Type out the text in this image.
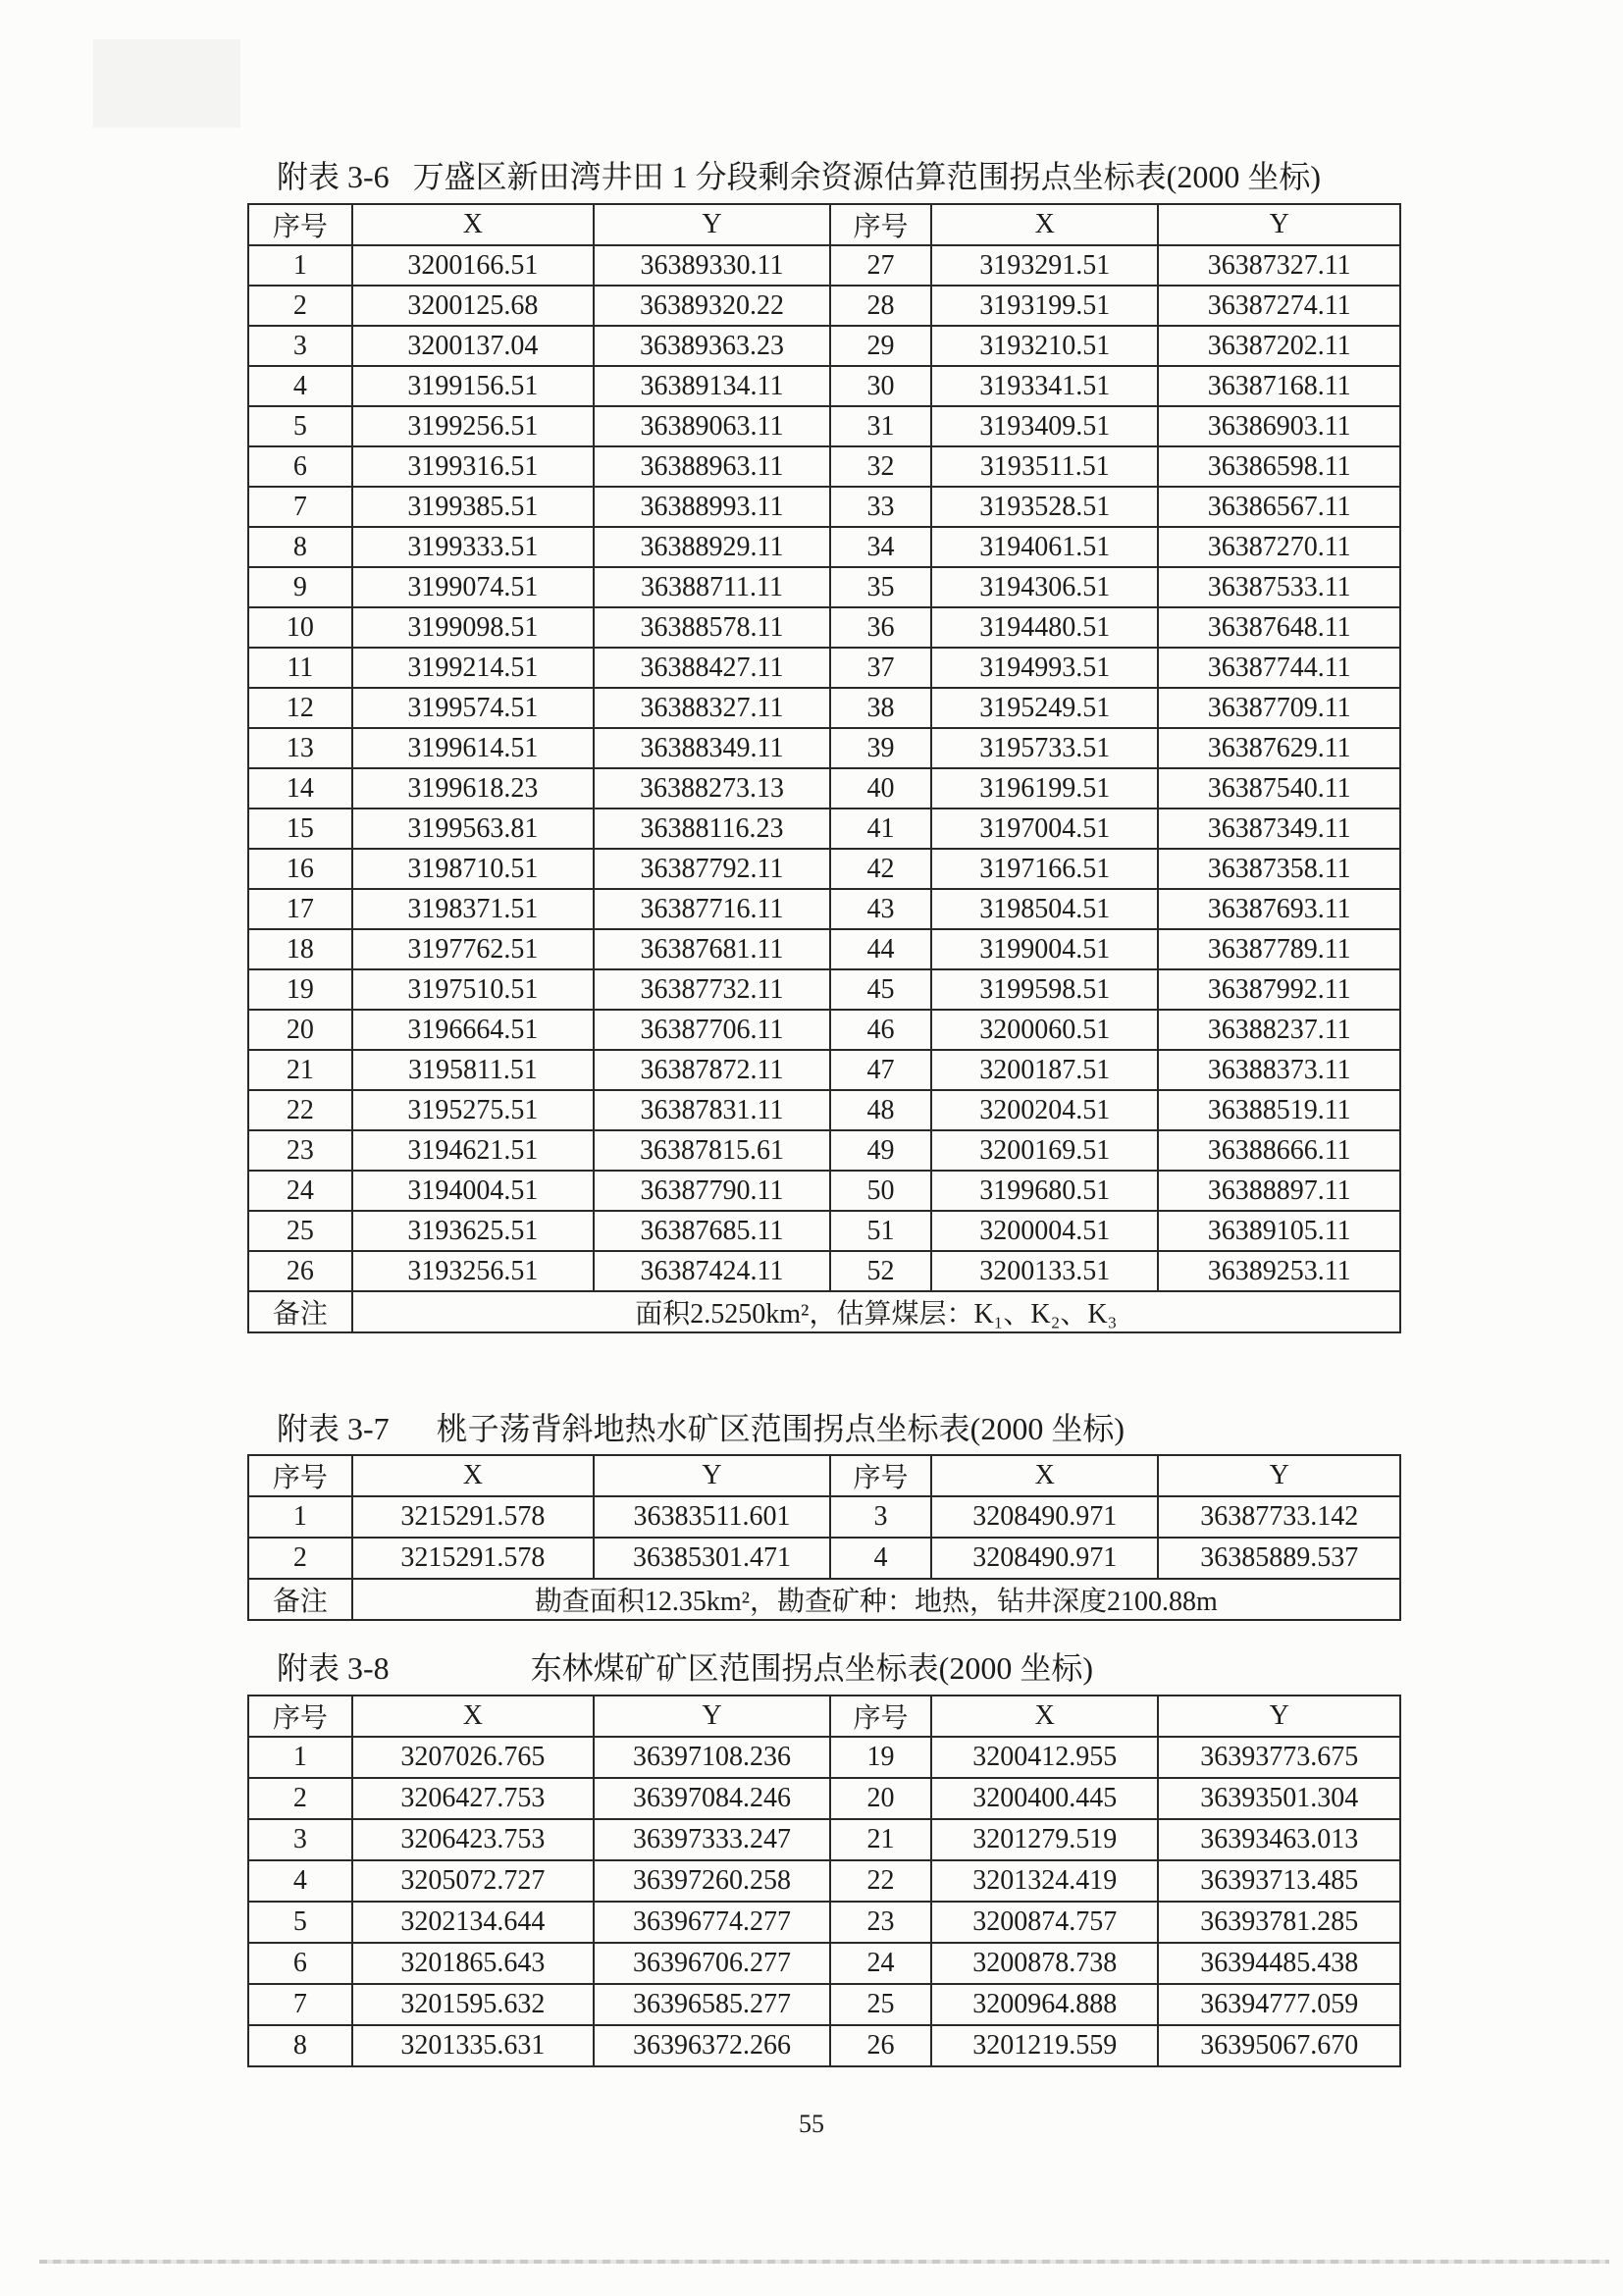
附表 3-6   万盛区新田湾井田 1 分段剩余资源估算范围拐点坐标表(2000 坐标)
序号	X	Y	序号	X	Y
1	3200166.51	36389330.11	27	3193291.51	36387327.11
2	3200125.68	36389320.22	28	3193199.51	36387274.11
3	3200137.04	36389363.23	29	3193210.51	36387202.11
4	3199156.51	36389134.11	30	3193341.51	36387168.11
5	3199256.51	36389063.11	31	3193409.51	36386903.11
6	3199316.51	36388963.11	32	3193511.51	36386598.11
7	3199385.51	36388993.11	33	3193528.51	36386567.11
8	3199333.51	36388929.11	34	3194061.51	36387270.11
9	3199074.51	36388711.11	35	3194306.51	36387533.11
10	3199098.51	36388578.11	36	3194480.51	36387648.11
11	3199214.51	36388427.11	37	3194993.51	36387744.11
12	3199574.51	36388327.11	38	3195249.51	36387709.11
13	3199614.51	36388349.11	39	3195733.51	36387629.11
14	3199618.23	36388273.13	40	3196199.51	36387540.11
15	3199563.81	36388116.23	41	3197004.51	36387349.11
16	3198710.51	36387792.11	42	3197166.51	36387358.11
17	3198371.51	36387716.11	43	3198504.51	36387693.11
18	3197762.51	36387681.11	44	3199004.51	36387789.11
19	3197510.51	36387732.11	45	3199598.51	36387992.11
20	3196664.51	36387706.11	46	3200060.51	36388237.11
21	3195811.51	36387872.11	47	3200187.51	36388373.11
22	3195275.51	36387831.11	48	3200204.51	36388519.11
23	3194621.51	36387815.61	49	3200169.51	36388666.11
24	3194004.51	36387790.11	50	3199680.51	36388897.11
25	3193625.51	36387685.11	51	3200004.51	36389105.11
26	3193256.51	36387424.11	52	3200133.51	36389253.11
备注	面积2.5250km²，估算煤层：K₁、K₂、K₃				
附表 3-7      桃子荡背斜地热水矿区范围拐点坐标表(2000 坐标)
序号	X	Y	序号	X	Y
1	3215291.578	36383511.601	3	3208490.971	36387733.142
2	3215291.578	36385301.471	4	3208490.971	36385889.537
备注	勘查面积12.35km²，勘查矿种：地热，钻井深度2100.88m				
附表 3-8                  东林煤矿矿区范围拐点坐标表(2000 坐标)
序号	X	Y	序号	X	Y
1	3207026.765	36397108.236	19	3200412.955	36393773.675
2	3206427.753	36397084.246	20	3200400.445	36393501.304
3	3206423.753	36397333.247	21	3201279.519	36393463.013
4	3205072.727	36397260.258	22	3201324.419	36393713.485
5	3202134.644	36396774.277	23	3200874.757	36393781.285
6	3201865.643	36396706.277	24	3200878.738	36394485.438
7	3201595.632	36396585.277	25	3200964.888	36394777.059
8	3201335.631	36396372.266	26	3201219.559	36395067.670
55
